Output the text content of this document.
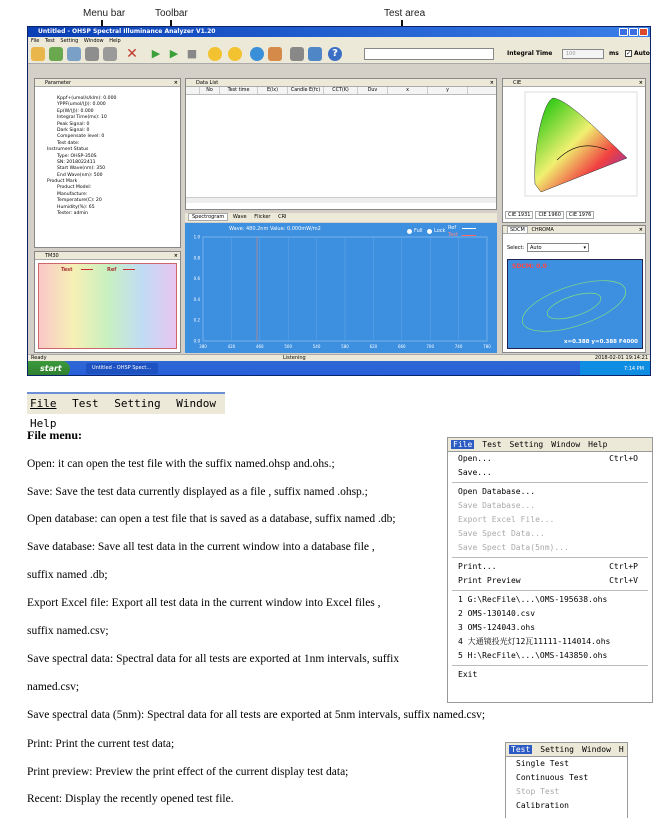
Menu bar	Toolbar	Test area
Untitled - OHSP Spectral Illuminance Analyzer V1.20
File Test Setting Window Help
✕ ▶ ▶ ■	?	Integral Time	100	ms ✓ Auto
Parameter	×
Kppf+(umol/s/klm): 0.000
YPPF(umol/(J)): 0.000
Ep(W/(J)): 0.000
Integral Time(ms): 10
Peak Signal: 0
Dark Signal: 0
Compensate level: 0
Test date:
Instrument Status
Type: OHSP-350S
SN: 2018022411
Start Wave(nm): 350
End Wave(nm): 500
Product Mark
Product Model:
Manufacture:
Temperature(C): 20
Humidity(%): 65
Tester: admin
TM30	×
Test	Ref
Data List	×
No	Test time	E(lx)	Candle E(fc)	CCT(K)	Duv	x	y
Spectrogram Wave Flicker CRI
Wave: 480.2nm Value: 0.000mW/m2	Full Lock Ref
Test
380	420	460	500	540	580	620	660	700	740	780
1.0
0.8
0.6
0.4
0.2
0.0
CIE	×
CIE 1931	CIE 1960	CIE 1976
SDCM CHROMA	×
Select:	Auto	▾
SDCM: 0.0
x=0.388 y=0.388 F4000
Ready	Listening	2018-02-01 19:14:21
start	Untitled - OHSP Spect...	7:14 PM
File Test Setting Window Help
File menu:
Open: it can open the test file with the suffix named.ohsp and.ohs.;
Save: Save the test data currently displayed as a file , suffix named .ohsp.;
Open database: can open a test file that is saved as a database, suffix named .db;
Save database: Save all test data in the current window into a database file ,
suffix named .db;
Export Excel file: Export all test data in the current window into Excel files ,
suffix named.csv;
Save spectral data: Spectral data for all tests are exported at 1nm intervals, suffix
named.csv;
Save spectral data (5nm): Spectral data for all tests are exported at 5nm intervals, suffix named.csv;
Print: Print the current test data;
Print preview: Preview the print effect of the current display test data;
Recent: Display the recently opened test file.
File Test Setting Window Help
Open...	Ctrl+O
Save...
Open Database...
Save Database...
Export Excel File...
Save Spect Data...
Save Spect Data(5nm)...
Print...	Ctrl+P
Print Preview	Ctrl+V
1 G:\RecFile\...\OMS-195638.ohs
2 OMS-130140.csv
3 OMS-124043.ohs
4 大通镜投光灯12瓦11111-114014.ohs
5 H:\RecFile\...\OMS-143850.ohs
Exit
Test Setting Window H
Single Test
Continuous Test
Stop Test
Calibration
